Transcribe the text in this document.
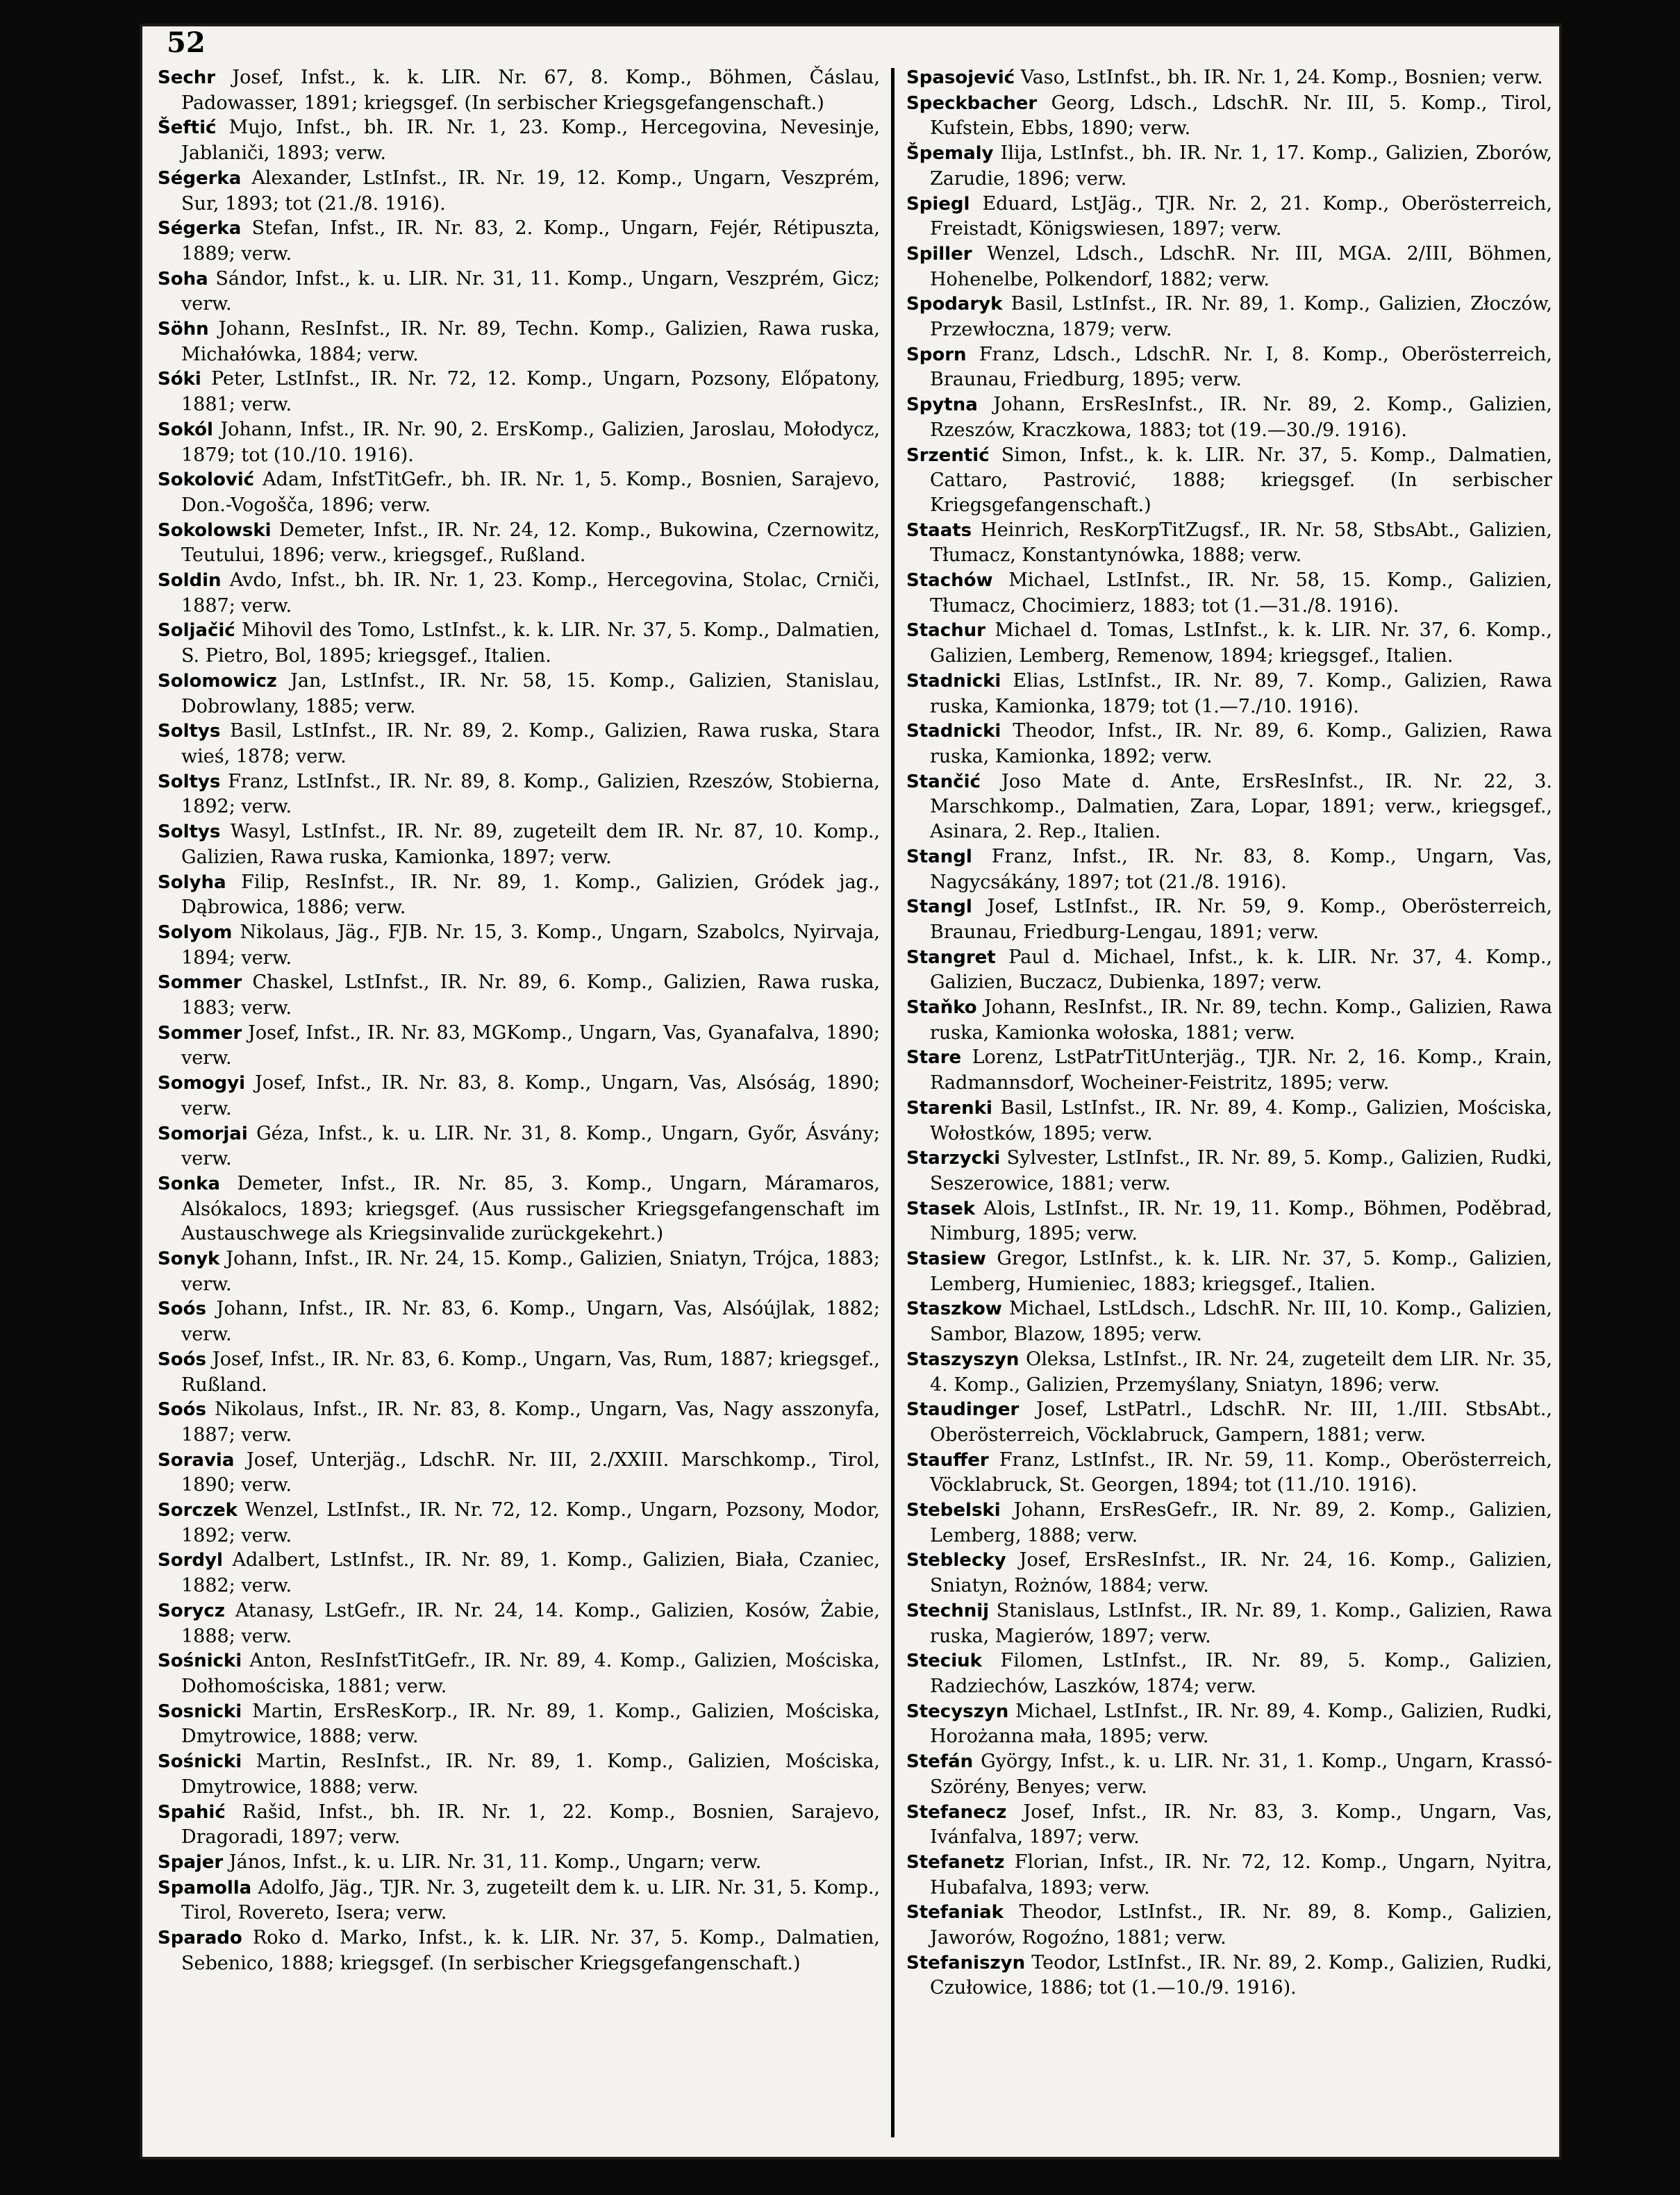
52
Sechr Josef, Infst., k. k. LIR. Nr. 67, 8. Komp., Böhmen, Čáslau, Padowasser, 1891; kriegsgef. (In serbischer Kriegsgefangenschaft.)
Šeftić Mujo, Infst., bh. IR. Nr. 1, 23. Komp., Hercegovina, Nevesinje, Jablaniči, 1893; verw.
Ségerka Alexander, LstInfst., IR. Nr. 19, 12. Komp., Ungarn, Veszprém, Sur, 1893; tot (21./8. 1916).
Ségerka Stefan, Infst., IR. Nr. 83, 2. Komp., Ungarn, Fejér, Rétipuszta, 1889; verw.
Soha Sándor, Infst., k. u. LIR. Nr. 31, 11. Komp., Ungarn, Veszprém, Gicz; verw.
Söhn Johann, ResInfst., IR. Nr. 89, Techn. Komp., Galizien, Rawa ruska, Michałówka, 1884; verw.
Sóki Peter, LstInfst., IR. Nr. 72, 12. Komp., Ungarn, Pozsony, Előpatony, 1881; verw.
Sokól Johann, Infst., IR. Nr. 90, 2. ErsKomp., Galizien, Jaroslau, Mołodycz, 1879; tot (10./10. 1916).
Sokolović Adam, InfstTitGefr., bh. IR. Nr. 1, 5. Komp., Bosnien, Sarajevo, Don.-Vogošča, 1896; verw.
Sokolowski Demeter, Infst., IR. Nr. 24, 12. Komp., Bukowina, Czernowitz, Teutului, 1896; verw., kriegsgef., Rußland.
Soldin Avdo, Infst., bh. IR. Nr. 1, 23. Komp., Hercegovina, Stolac, Crniči, 1887; verw.
Soljačić Mihovil des Tomo, LstInfst., k. k. LIR. Nr. 37, 5. Komp., Dalmatien, S. Pietro, Bol, 1895; kriegsgef., Italien.
Solomowicz Jan, LstInfst., IR. Nr. 58, 15. Komp., Galizien, Stanislau, Dobrowlany, 1885; verw.
Soltys Basil, LstInfst., IR. Nr. 89, 2. Komp., Galizien, Rawa ruska, Stara wieś, 1878; verw.
Soltys Franz, LstInfst., IR. Nr. 89, 8. Komp., Galizien, Rzeszów, Stobierna, 1892; verw.
Soltys Wasyl, LstInfst., IR. Nr. 89, zugeteilt dem IR. Nr. 87, 10. Komp., Galizien, Rawa ruska, Kamionka, 1897; verw.
Solyha Filip, ResInfst., IR. Nr. 89, 1. Komp., Galizien, Gródek jag., Dąbrowica, 1886; verw.
Solyom Nikolaus, Jäg., FJB. Nr. 15, 3. Komp., Ungarn, Szabolcs, Nyirvaja, 1894; verw.
Sommer Chaskel, LstInfst., IR. Nr. 89, 6. Komp., Galizien, Rawa ruska, 1883; verw.
Sommer Josef, Infst., IR. Nr. 83, MGKomp., Ungarn, Vas, Gyanafalva, 1890; verw.
Somogyi Josef, Infst., IR. Nr. 83, 8. Komp., Ungarn, Vas, Alsóság, 1890; verw.
Somorjai Géza, Infst., k. u. LIR. Nr. 31, 8. Komp., Ungarn, Győr, Ásvány; verw.
Sonka Demeter, Infst., IR. Nr. 85, 3. Komp., Ungarn, Máramaros, Alsókalocs, 1893; kriegsgef. (Aus russischer Kriegsgefangenschaft im Austauschwege als Kriegsinvalide zurückgekehrt.)
Sonyk Johann, Infst., IR. Nr. 24, 15. Komp., Galizien, Sniatyn, Trójca, 1883; verw.
Soós Johann, Infst., IR. Nr. 83, 6. Komp., Ungarn, Vas, Alsóújlak, 1882; verw.
Soós Josef, Infst., IR. Nr. 83, 6. Komp., Ungarn, Vas, Rum, 1887; kriegsgef., Rußland.
Soós Nikolaus, Infst., IR. Nr. 83, 8. Komp., Ungarn, Vas, Nagy asszonyfa, 1887; verw.
Soravia Josef, Unterjäg., LdschR. Nr. III, 2./XXIII. Marschkomp., Tirol, 1890; verw.
Sorczek Wenzel, LstInfst., IR. Nr. 72, 12. Komp., Ungarn, Pozsony, Modor, 1892; verw.
Sordyl Adalbert, LstInfst., IR. Nr. 89, 1. Komp., Galizien, Biała, Czaniec, 1882; verw.
Sorycz Atanasy, LstGefr., IR. Nr. 24, 14. Komp., Galizien, Kosów, Żabie, 1888; verw.
Sośnicki Anton, ResInfstTitGefr., IR. Nr. 89, 4. Komp., Galizien, Mościska, Dołhomościska, 1881; verw.
Sosnicki Martin, ErsResKorp., IR. Nr. 89, 1. Komp., Galizien, Mościska, Dmytrowice, 1888; verw.
Sośnicki Martin, ResInfst., IR. Nr. 89, 1. Komp., Galizien, Mościska, Dmytrowice, 1888; verw.
Spahić Rašid, Infst., bh. IR. Nr. 1, 22. Komp., Bosnien, Sarajevo, Dragoradi, 1897; verw.
Spajer János, Infst., k. u. LIR. Nr. 31, 11. Komp., Ungarn; verw.
Spamolla Adolfo, Jäg., TJR. Nr. 3, zugeteilt dem k. u. LIR. Nr. 31, 5. Komp., Tirol, Rovereto, Isera; verw.
Sparado Roko d. Marko, Infst., k. k. LIR. Nr. 37, 5. Komp., Dalmatien, Sebenico, 1888; kriegsgef. (In serbischer Kriegsgefangenschaft.)
Spasojević Vaso, LstInfst., bh. IR. Nr. 1, 24. Komp., Bosnien; verw.
Speckbacher Georg, Ldsch., LdschR. Nr. III, 5. Komp., Tirol, Kufstein, Ebbs, 1890; verw.
Špemaly Ilija, LstInfst., bh. IR. Nr. 1, 17. Komp., Galizien, Zborów, Zarudie, 1896; verw.
Spiegl Eduard, LstJäg., TJR. Nr. 2, 21. Komp., Oberösterreich, Freistadt, Königswiesen, 1897; verw.
Spiller Wenzel, Ldsch., LdschR. Nr. III, MGA. 2/III, Böhmen, Hohenelbe, Polkendorf, 1882; verw.
Spodaryk Basil, LstInfst., IR. Nr. 89, 1. Komp., Galizien, Złoczów, Przewłoczna, 1879; verw.
Sporn Franz, Ldsch., LdschR. Nr. I, 8. Komp., Oberösterreich, Braunau, Friedburg, 1895; verw.
Spytna Johann, ErsResInfst., IR. Nr. 89, 2. Komp., Galizien, Rzeszów, Kraczkowa, 1883; tot (19.—30./9. 1916).
Srzentić Simon, Infst., k. k. LIR. Nr. 37, 5. Komp., Dalmatien, Cattaro, Pastrović, 1888; kriegsgef. (In serbischer Kriegsgefangenschaft.)
Staats Heinrich, ResKorpTitZugsf., IR. Nr. 58, StbsAbt., Galizien, Tłumacz, Konstantynówka, 1888; verw.
Stachów Michael, LstInfst., IR. Nr. 58, 15. Komp., Galizien, Tłumacz, Chocimierz, 1883; tot (1.—31./8. 1916).
Stachur Michael d. Tomas, LstInfst., k. k. LIR. Nr. 37, 6. Komp., Galizien, Lemberg, Remenow, 1894; kriegsgef., Italien.
Stadnicki Elias, LstInfst., IR. Nr. 89, 7. Komp., Galizien, Rawa ruska, Kamionka, 1879; tot (1.—7./10. 1916).
Stadnicki Theodor, Infst., IR. Nr. 89, 6. Komp., Galizien, Rawa ruska, Kamionka, 1892; verw.
Stančić Joso Mate d. Ante, ErsResInfst., IR. Nr. 22, 3. Marschkomp., Dalmatien, Zara, Lopar, 1891; verw., kriegsgef., Asinara, 2. Rep., Italien.
Stangl Franz, Infst., IR. Nr. 83, 8. Komp., Ungarn, Vas, Nagycsákány, 1897; tot (21./8. 1916).
Stangl Josef, LstInfst., IR. Nr. 59, 9. Komp., Oberösterreich, Braunau, Friedburg-Lengau, 1891; verw.
Stangret Paul d. Michael, Infst., k. k. LIR. Nr. 37, 4. Komp., Galizien, Buczacz, Dubienka, 1897; verw.
Staňko Johann, ResInfst., IR. Nr. 89, techn. Komp., Galizien, Rawa ruska, Kamionka wołoska, 1881; verw.
Stare Lorenz, LstPatrTitUnterjäg., TJR. Nr. 2, 16. Komp., Krain, Radmannsdorf, Wocheiner-Feistritz, 1895; verw.
Starenki Basil, LstInfst., IR. Nr. 89, 4. Komp., Galizien, Mościska, Wołostków, 1895; verw.
Starzycki Sylvester, LstInfst., IR. Nr. 89, 5. Komp., Galizien, Rudki, Seszerowice, 1881; verw.
Stasek Alois, LstInfst., IR. Nr. 19, 11. Komp., Böhmen, Poděbrad, Nimburg, 1895; verw.
Stasiew Gregor, LstInfst., k. k. LIR. Nr. 37, 5. Komp., Galizien, Lemberg, Humieniec, 1883; kriegsgef., Italien.
Staszkow Michael, LstLdsch., LdschR. Nr. III, 10. Komp., Galizien, Sambor, Blazow, 1895; verw.
Staszyszyn Oleksa, LstInfst., IR. Nr. 24, zugeteilt dem LIR. Nr. 35, 4. Komp., Galizien, Przemyślany, Sniatyn, 1896; verw.
Staudinger Josef, LstPatrl., LdschR. Nr. III, 1./III. StbsAbt., Oberösterreich, Vöcklabruck, Gampern, 1881; verw.
Stauffer Franz, LstInfst., IR. Nr. 59, 11. Komp., Oberösterreich, Vöcklabruck, St. Georgen, 1894; tot (11./10. 1916).
Stebelski Johann, ErsResGefr., IR. Nr. 89, 2. Komp., Galizien, Lemberg, 1888; verw.
Steblecky Josef, ErsResInfst., IR. Nr. 24, 16. Komp., Galizien, Sniatyn, Rożnów, 1884; verw.
Stechnij Stanislaus, LstInfst., IR. Nr. 89, 1. Komp., Galizien, Rawa ruska, Magierów, 1897; verw.
Steciuk Filomen, LstInfst., IR. Nr. 89, 5. Komp., Galizien, Radziechów, Laszków, 1874; verw.
Stecyszyn Michael, LstInfst., IR. Nr. 89, 4. Komp., Galizien, Rudki, Horożanna mała, 1895; verw.
Stefán György, Infst., k. u. LIR. Nr. 31, 1. Komp., Ungarn, Krassó-Szörény, Benyes; verw.
Stefanecz Josef, Infst., IR. Nr. 83, 3. Komp., Ungarn, Vas, Ivánfalva, 1897; verw.
Stefanetz Florian, Infst., IR. Nr. 72, 12. Komp., Ungarn, Nyitra, Hubafalva, 1893; verw.
Stefaniak Theodor, LstInfst., IR. Nr. 89, 8. Komp., Galizien, Jaworów, Rogoźno, 1881; verw.
Stefaniszyn Teodor, LstInfst., IR. Nr. 89, 2. Komp., Galizien, Rudki, Czułowice, 1886; tot (1.—10./9. 1916).
